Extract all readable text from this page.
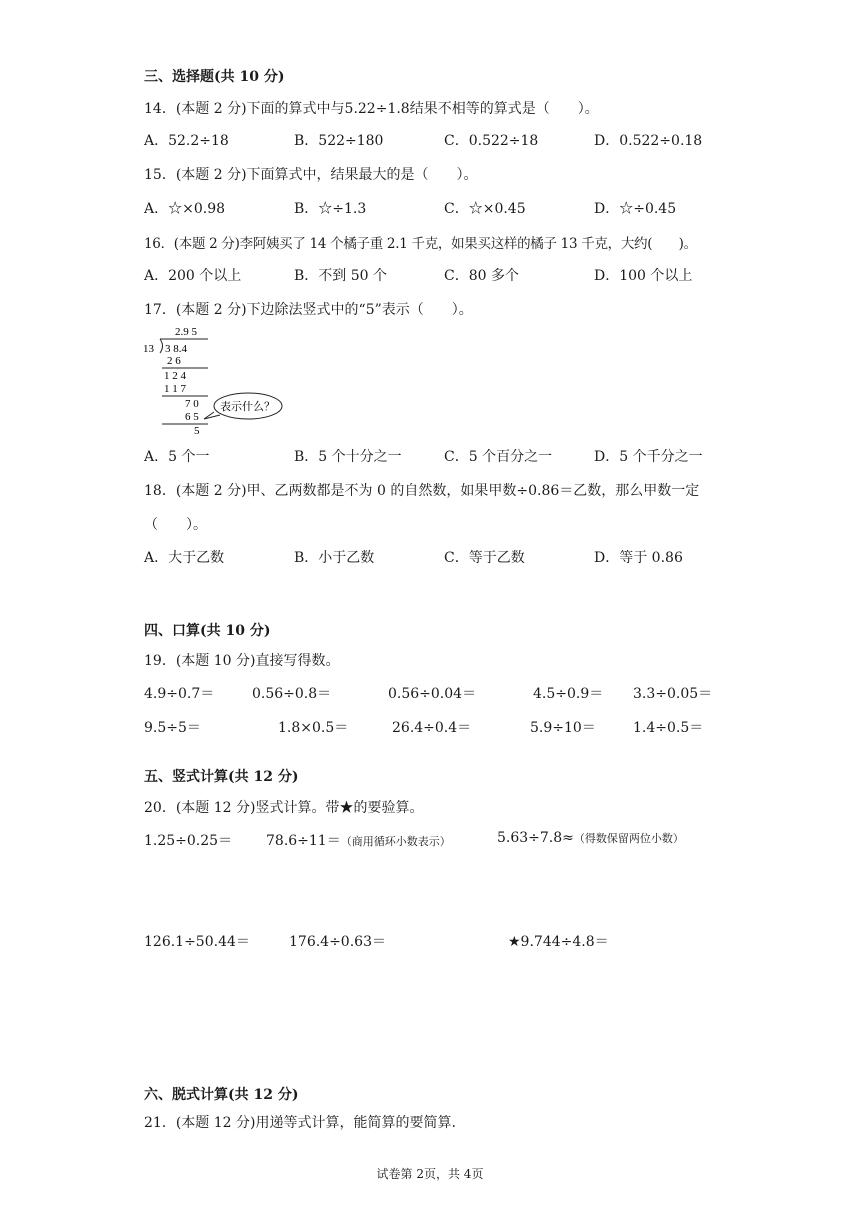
三、选择题(共 10 分)
14．(本题 2 分)下面的算式中与5.22÷1.8结果不相等的算式是（　　）。
A．52.2÷18	B．522÷180	C．0.522÷18	D．0.522÷0.18
15．(本题 2 分)下面算式中，结果最大的是（　　）。
A．☆×0.98	B．☆÷1.3	C．☆×0.45	D．☆÷0.45
16．(本题 2 分)李阿姨买了 14 个橘子重 2.1 千克，如果买这样的橘子 13 千克，大约(　　)。
A．200 个以上	B．不到 50 个	C．80 多个	D．100 个以上
17．(本题 2 分)下边除法竖式中的“5”表示（　　）。
2.9 5
13 3 8.4
2 6
1 2 4
1 1 7
7 0
6 5
5
表示什么？
A．5 个一	B．5 个十分之一	C．5 个百分之一	D．5 个千分之一
18．(本题 2 分)甲、乙两数都是不为 0 的自然数，如果甲数÷0.86＝乙数，那么甲数一定
（　　）。
A．大于乙数	B．小于乙数	C．等于乙数	D．等于 0.86
四、口算(共 10 分)
19．(本题 10 分)直接写得数。
4.9÷0.7＝	0.56÷0.8＝	0.56÷0.04＝	4.5÷0.9＝ 3.3÷0.05＝
9.5÷5＝	1.8×0.5＝	26.4÷0.4＝	5.9÷10＝	1.4÷0.5＝
五、竖式计算(共 12 分)
20．(本题 12 分)竖式计算。带★的要验算。
1.25÷0.25＝ 78.6÷11＝（商用循环小数表示）	5.63÷7.8≈（得数保留两位小数）
126.1÷50.44＝	176.4÷0.63＝	★9.744÷4.8＝
六、脱式计算(共 12 分)
21．(本题 12 分)用递等式计算，能简算的要简算.
试卷第 2页，共 4页
